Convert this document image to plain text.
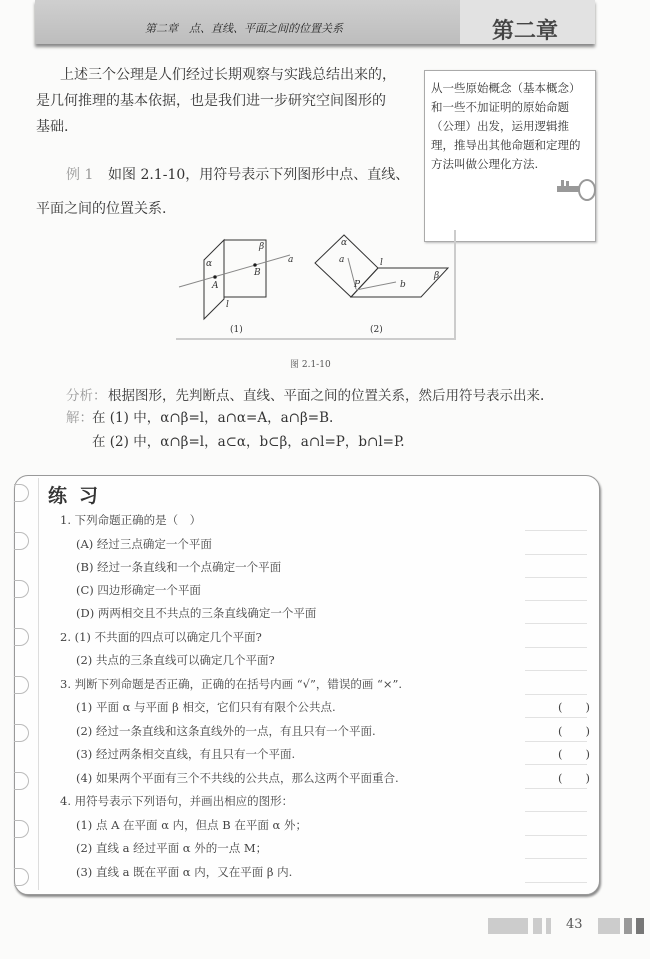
第二章　点、直线、平面之间的位置关系	第二章
上述三个公理是人们经过长期观察与实践总结出来的，
是几何推理的基本依据，也是我们进一步研究空间图形的
基础.
从一些原始概念（基本概念）和一些不加证明的原始命题（公理）出发，运用逻辑推理，推导出其他命题和定理的方法叫做公理化方法.
例 1 如图 2.1-10，用符号表示下列图形中点、直线、
平面之间的位置关系.
α
β
a
A
B
l
(1)
α
a	l
β
P	b
(2)
图 2.1-10
分析： 根据图形，先判断点、直线、平面之间的位置关系，然后用符号表示出来.
解： 在 (1) 中，α∩β=l，a∩α=A，a∩β=B.
在 (2) 中，α∩β=l，a⊂α，b⊂β，a∩l=P，b∩l=P.
练习
1. 下列命题正确的是（　）
(A) 经过三点确定一个平面
(B) 经过一条直线和一个点确定一个平面
(C) 四边形确定一个平面
(D) 两两相交且不共点的三条直线确定一个平面
2. (1) 不共面的四点可以确定几个平面?
(2) 共点的三条直线可以确定几个平面?
3. 判断下列命题是否正确，正确的在括号内画 “√”，错误的画 “×”.
(1) 平面 α 与平面 β 相交，它们只有有限个公共点.	(　　)
(2) 经过一条直线和这条直线外的一点，有且只有一个平面.	(　　)
(3) 经过两条相交直线，有且只有一个平面.	(　　)
(4) 如果两个平面有三个不共线的公共点，那么这两个平面重合.	(　　)
4. 用符号表示下列语句，并画出相应的图形：
(1) 点 A 在平面 α 内，但点 B 在平面 α 外；
(2) 直线 a 经过平面 α 外的一点 M；
(3) 直线 a 既在平面 α 内，又在平面 β 内.
43
